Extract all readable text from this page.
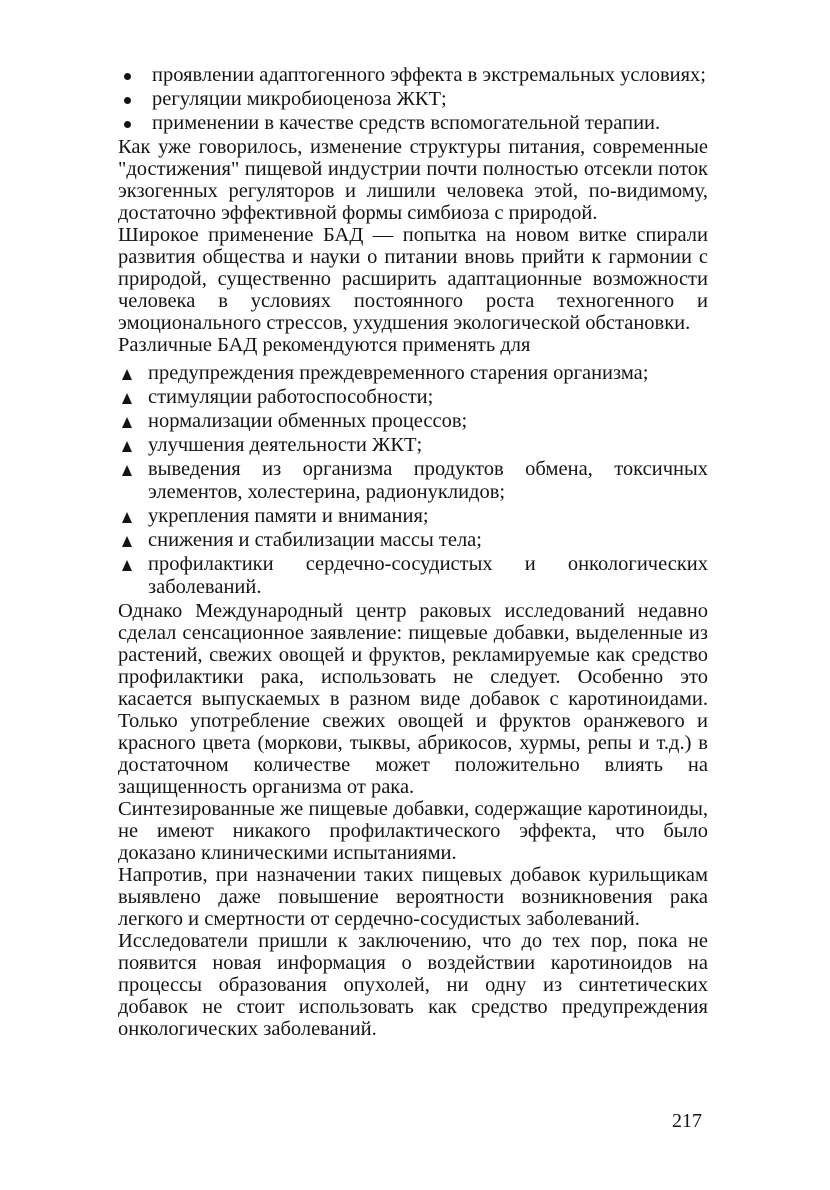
проявлении адаптогенного эффекта в экстремальных условиях;
регуляции микробиоценоза ЖКТ;
применении в качестве средств вспомогательной терапии.

Как уже говорилось, изменение структуры питания, современные "достижения" пищевой индустрии почти полностью отсекли поток экзогенных регуляторов и лишили человека этой, по-видимому, достаточно эффективной формы симбиоза с природой.

Широкое применение БАД — попытка на новом витке спирали развития общества и науки о питании вновь прийти к гармонии с природой, существенно расширить адаптационные возможности человека в условиях постоянного роста техногенного и эмоционального стрессов, ухудшения экологической обстановки.

Различные БАД рекомендуются применять для

предупреждения преждевременного старения организма;
стимуляции работоспособности;
нормализации обменных процессов;
улучшения деятельности ЖКТ;
выведения из организма продуктов обмена, токсичных элементов, холестерина, радионуклидов;
укрепления памяти и внимания;
снижения и стабилизации массы тела;
профилактики сердечно-сосудистых и онкологических заболеваний.

Однако Международный центр раковых исследований недавно сделал сенсационное заявление: пищевые добавки, выделенные из растений, свежих овощей и фруктов, рекламируемые как средство профилактики рака, использовать не следует. Особенно это касается выпускаемых в разном виде добавок с каротиноидами. Только употребление свежих овощей и фруктов оранжевого и красного цвета (моркови, тыквы, абрикосов, хурмы, репы и т.д.) в достаточном количестве может положительно влиять на защищенность организма от рака.

Синтезированные же пищевые добавки, содержащие каротиноиды, не имеют никакого профилактического эффекта, что было доказано клиническими испытаниями.

Напротив, при назначении таких пищевых добавок курильщикам выявлено даже повышение вероятности возникновения рака легкого и смертности от сердечно-сосудистых заболеваний.

Исследователи пришли к заключению, что до тех пор, пока не появится новая информация о воздействии каротиноидов на процессы образования опухолей, ни одну из синтетических добавок не стоит использовать как средство предупреждения онкологических заболеваний.

217
